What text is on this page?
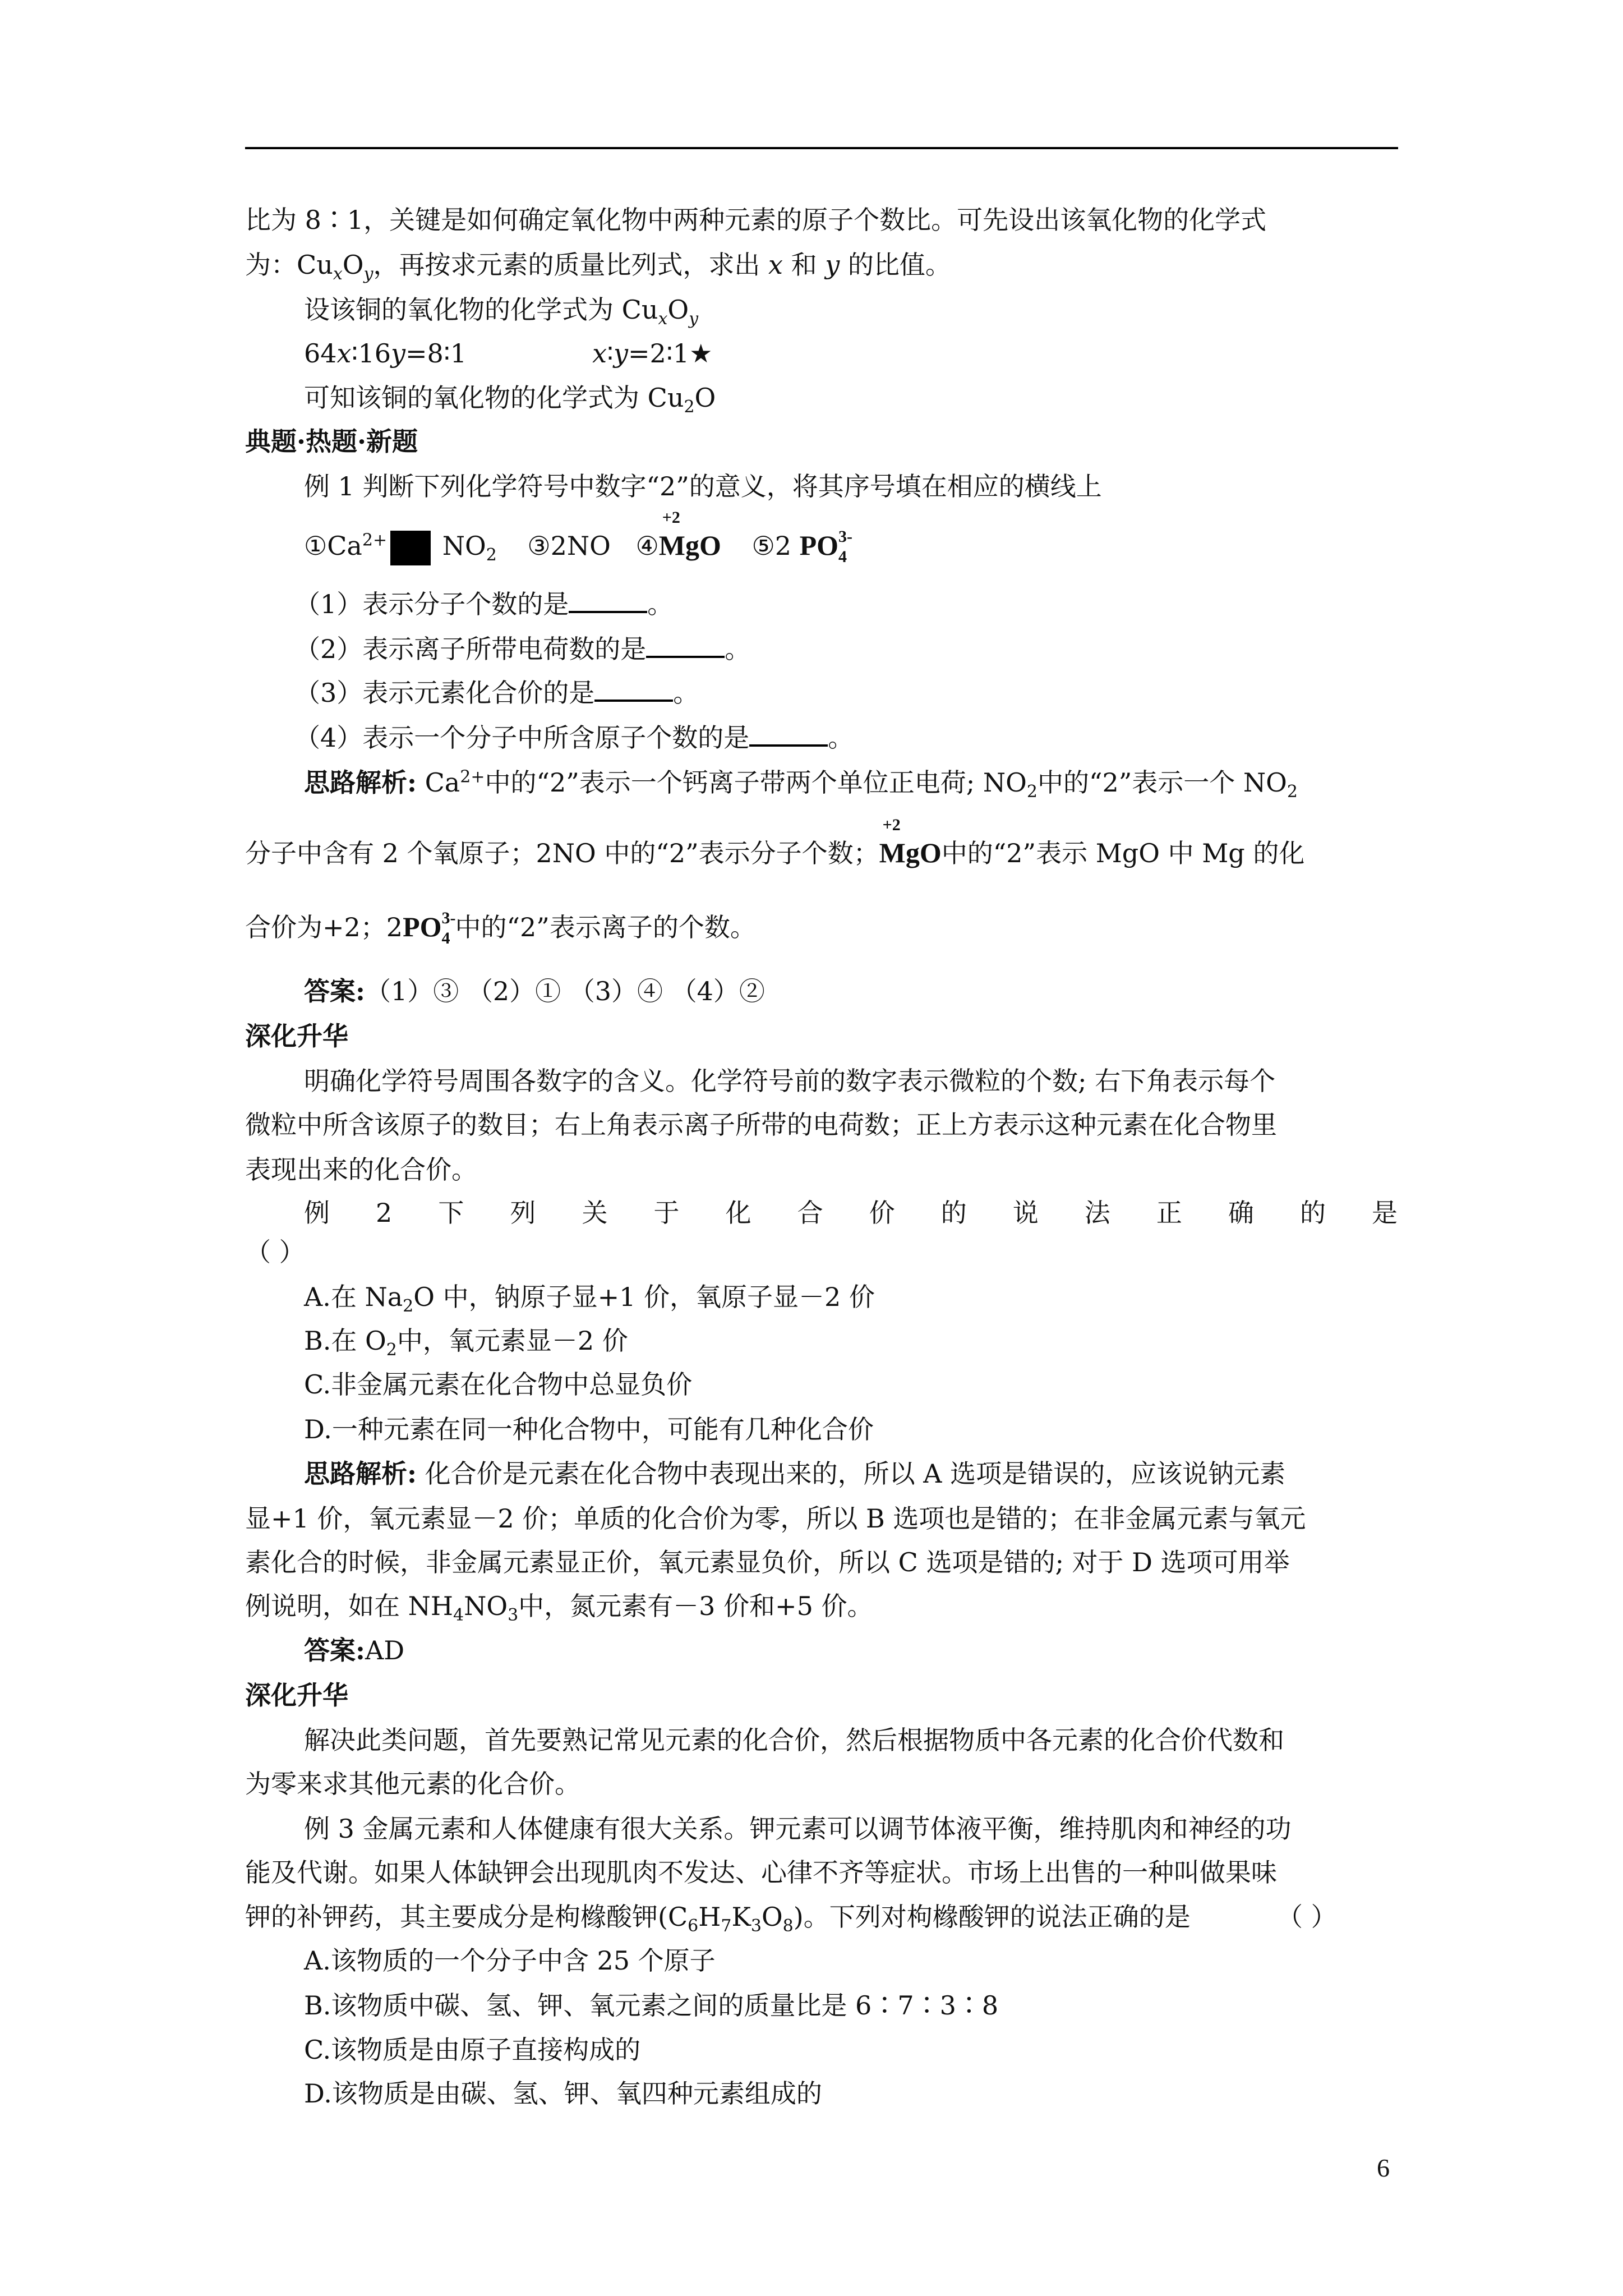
比为 8∶1，关键是如何确定氧化物中两种元素的原子个数比。可先设出该氧化物的化学式
为：$Cu_xO_y$，再按求元素的质量比列式，求出 x 和 y 的比值。
设该铜的氧化物的化学式为 $Cu_xO_y$
64x∶16y=8∶1	x∶y=2∶1★
可知该铜的氧化物的化学式为 $Cu_2O$
典题·热题·新题
例 1 判断下列化学符号中数字“2”的意义，将其序号填在相应的横线上
$①Ca^{2+}$ $NO_2$ ③2NO ④
+2
MgO ⑤2 PO 3-
4
（1）表示分子个数的是	。
（2）表示离子所带电荷数的是	。
（3）表示元素化合价的是	。
（4）表示一个分子中所含原子个数的是	。
思路解析: $Ca^{2+}$中的“2”表示一个钙离子带两个单位正电荷; $NO_2$中的“2”表示一个 $NO_2$
分子中含有 2 个氧原子；2NO 中的“2”表示分子个数；
+2
MgO中的“2”表示 MgO 中 Mg 的化
合价为+2；2PO 3-
4 中的“2”表示离子的个数。
答案:（1）③ （2）① （3）④ （4）②
深化升华
明确化学符号周围各数字的含义。化学符号前的数字表示微粒的个数; 右下角表示每个
微粒中所含该原子的数目；右上角表示离子所带的电荷数；正上方表示这种元素在化合物里
表现出来的化合价。
例 2 下 列 关 于 化 合 价 的 说 法 正 确 的 是
（ ）
A.在 $Na_2O$ 中，钠原子显+1 价，氧原子显－2 价
B.在 $O_2$中，氧元素显－2 价
C.非金属元素在化合物中总显负价
D.一种元素在同一种化合物中，可能有几种化合价
思路解析: 化合价是元素在化合物中表现出来的，所以 A 选项是错误的，应该说钠元素
显+1 价，氧元素显－2 价；单质的化合价为零，所以 B 选项也是错的；在非金属元素与氧元
素化合的时候，非金属元素显正价，氧元素显负价，所以 C 选项是错的; 对于 D 选项可用举
例说明，如在 $NH_4NO_3$中，氮元素有－3 价和+5 价。
答案:AD
深化升华
解决此类问题，首先要熟记常见元素的化合价，然后根据物质中各元素的化合价代数和
为零来求其他元素的化合价。
例 3 金属元素和人体健康有很大关系。钾元素可以调节体液平衡，维持肌肉和神经的功
能及代谢。如果人体缺钾会出现肌肉不发达、心律不齐等症状。市场上出售的一种叫做果味
钾的补钾药，其主要成分是枸橼酸钾$(C_6H_7K_3O_8)$。下列对枸橼酸钾的说法正确的是	（ ）
A.该物质的一个分子中含 25 个原子
B.该物质中碳、氢、钾、氧元素之间的质量比是 6∶7∶3∶8
C.该物质是由原子直接构成的
D.该物质是由碳、氢、钾、氧四种元素组成的
6
